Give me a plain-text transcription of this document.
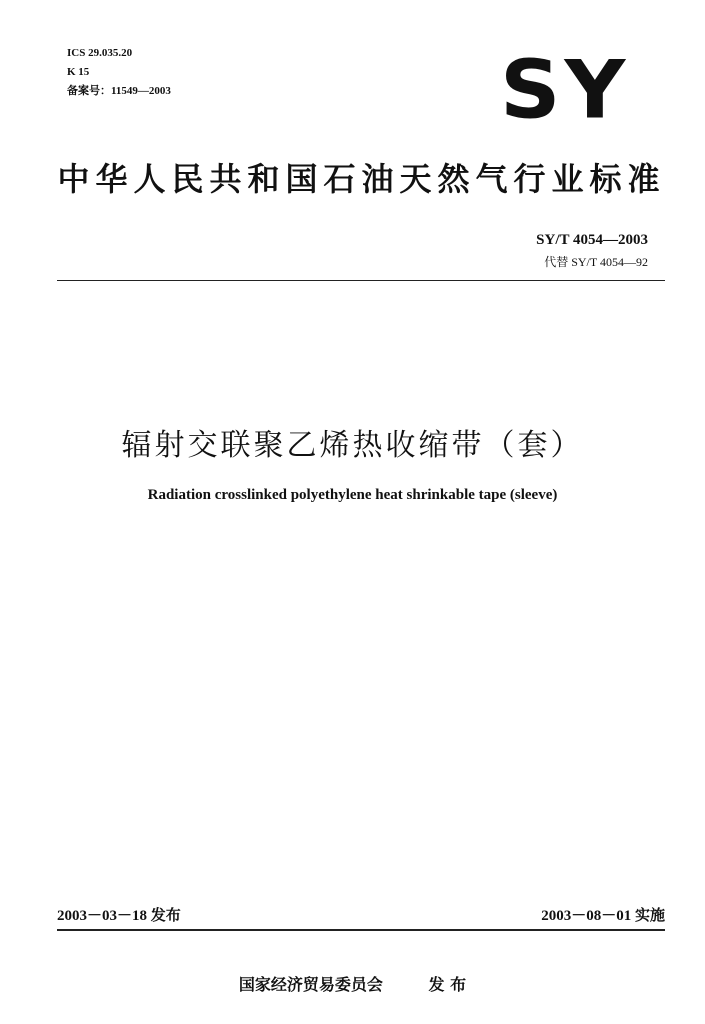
ICS 29.035.20
K 15
备案号：11549—2003	SY
中华人民共和国石油天然气行业标准
SY/T 4054—2003
代替 SY/T 4054—92
辐射交联聚乙烯热收缩带（套）
Radiation crosslinked polyethylene heat shrinkable tape (sleeve)
2003－03－18 发布	2003－08－01 实施
国家经济贸易委员会	发 布
